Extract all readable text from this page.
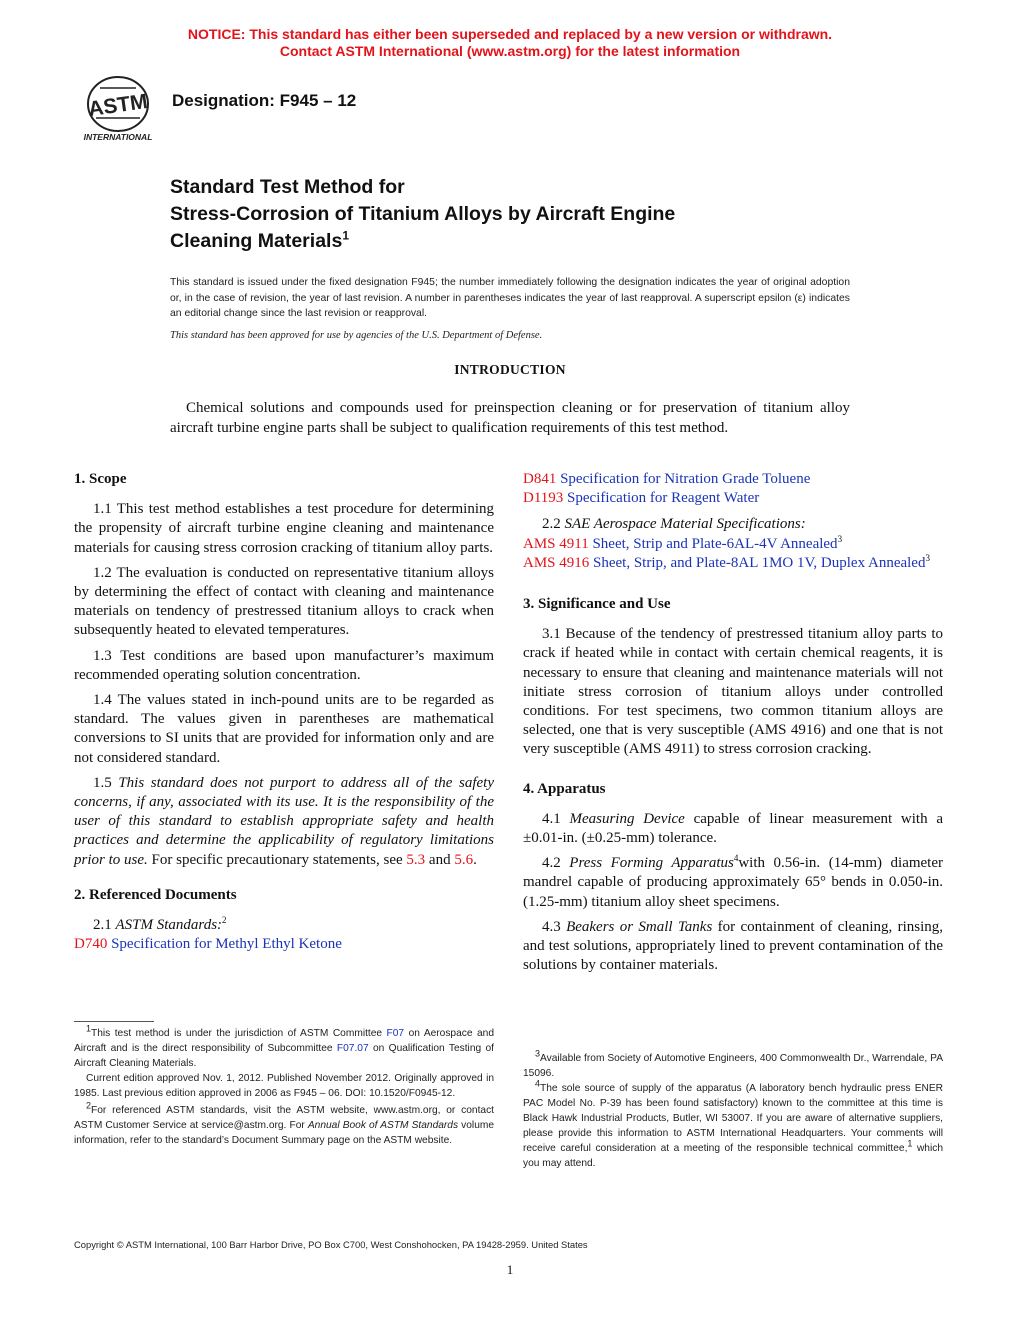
NOTICE: This standard has either been superseded and replaced by a new version or withdrawn.
Contact ASTM International (www.astm.org) for the latest information
ASTM
INTERNATIONAL
Designation: F945 – 12
Standard Test Method for
Stress-Corrosion of Titanium Alloys by Aircraft Engine
Cleaning Materials$^1$
This standard is issued under the fixed designation F945; the number immediately following the designation indicates the year of original adoption or, in the case of revision, the year of last revision. A number in parentheses indicates the year of last reapproval. A superscript epsilon (ε) indicates an editorial change since the last revision or reapproval.
This standard has been approved for use by agencies of the U.S. Department of Defense.
INTRODUCTION

Chemical solutions and compounds used for preinspection cleaning or for preservation of titanium alloy aircraft turbine engine parts shall be subject to qualification requirements of this test method.

1. Scope

1.1 This test method establishes a test procedure for determining the propensity of aircraft turbine engine cleaning and maintenance materials for causing stress corrosion cracking of titanium alloy parts.

1.2 The evaluation is conducted on representative titanium alloys by determining the effect of contact with cleaning and maintenance materials on tendency of prestressed titanium alloys to crack when subsequently heated to elevated temperatures.

1.3 Test conditions are based upon manufacturer’s maximum recommended operating solution concentration.

1.4 The values stated in inch-pound units are to be regarded as standard. The values given in parentheses are mathematical conversions to SI units that are provided for information only and are not considered standard.

1.5 This standard does not purport to address all of the safety concerns, if any, associated with its use. It is the responsibility of the user of this standard to establish appropriate safety and health practices and determine the applicability of regulatory limitations prior to use. For specific precautionary statements, see 5.3 and 5.6.

2. Referenced Documents

2.1 ASTM Standards:$^2$

D740 Specification for Methyl Ethyl Ketone

D841 Specification for Nitration Grade Toluene

D1193 Specification for Reagent Water

2.2 SAE Aerospace Material Specifications:

AMS 4911 Sheet, Strip and Plate-6AL-4V Annealed$^3$

AMS 4916 Sheet, Strip, and Plate-8AL 1MO 1V, Duplex Annealed$^3$

3. Significance and Use

3.1 Because of the tendency of prestressed titanium alloy parts to crack if heated while in contact with certain chemical reagents, it is necessary to ensure that cleaning and maintenance materials will not initiate stress corrosion of titanium alloys under controlled conditions. For test specimens, two common titanium alloys are selected, one that is very susceptible (AMS 4916) and one that is not very susceptible (AMS 4911) to stress corrosion cracking.

4. Apparatus

4.1 Measuring Device capable of linear measurement with a ±0.01-in. (±0.25-mm) tolerance.

4.2 Press Forming Apparatus$^4$with 0.56-in. (14-mm) diameter mandrel capable of producing approximately 65° bends in 0.050-in. (1.25-mm) titanium alloy sheet specimens.

4.3 Beakers or Small Tanks for containment of cleaning, rinsing, and test solutions, appropriately lined to prevent contamination of the solutions by container materials.

$^1$This test method is under the jurisdiction of ASTM Committee F07 on Aerospace and Aircraft and is the direct responsibility of Subcommittee F07.07 on Qualification Testing of Aircraft Cleaning Materials.

Current edition approved Nov. 1, 2012. Published November 2012. Originally approved in 1985. Last previous edition approved in 2006 as F945 – 06. DOI: 10.1520/F0945-12.

$^2$For referenced ASTM standards, visit the ASTM website, www.astm.org, or contact ASTM Customer Service at service@astm.org. For Annual Book of ASTM Standards volume information, refer to the standard’s Document Summary page on the ASTM website.

$^3$Available from Society of Automotive Engineers, 400 Commonwealth Dr., Warrendale, PA 15096.

$^4$The sole source of supply of the apparatus (A laboratory bench hydraulic press ENER PAC Model No. P-39 has been found satisfactory) known to the committee at this time is Black Hawk Industrial Products, Butler, WI 53007. If you are aware of alternative suppliers, please provide this information to ASTM International Headquarters. Your comments will receive careful consideration at a meeting of the responsible technical committee,$^1$ which you may attend.

Copyright © ASTM International, 100 Barr Harbor Drive, PO Box C700, West Conshohocken, PA 19428-2959. United States
1
